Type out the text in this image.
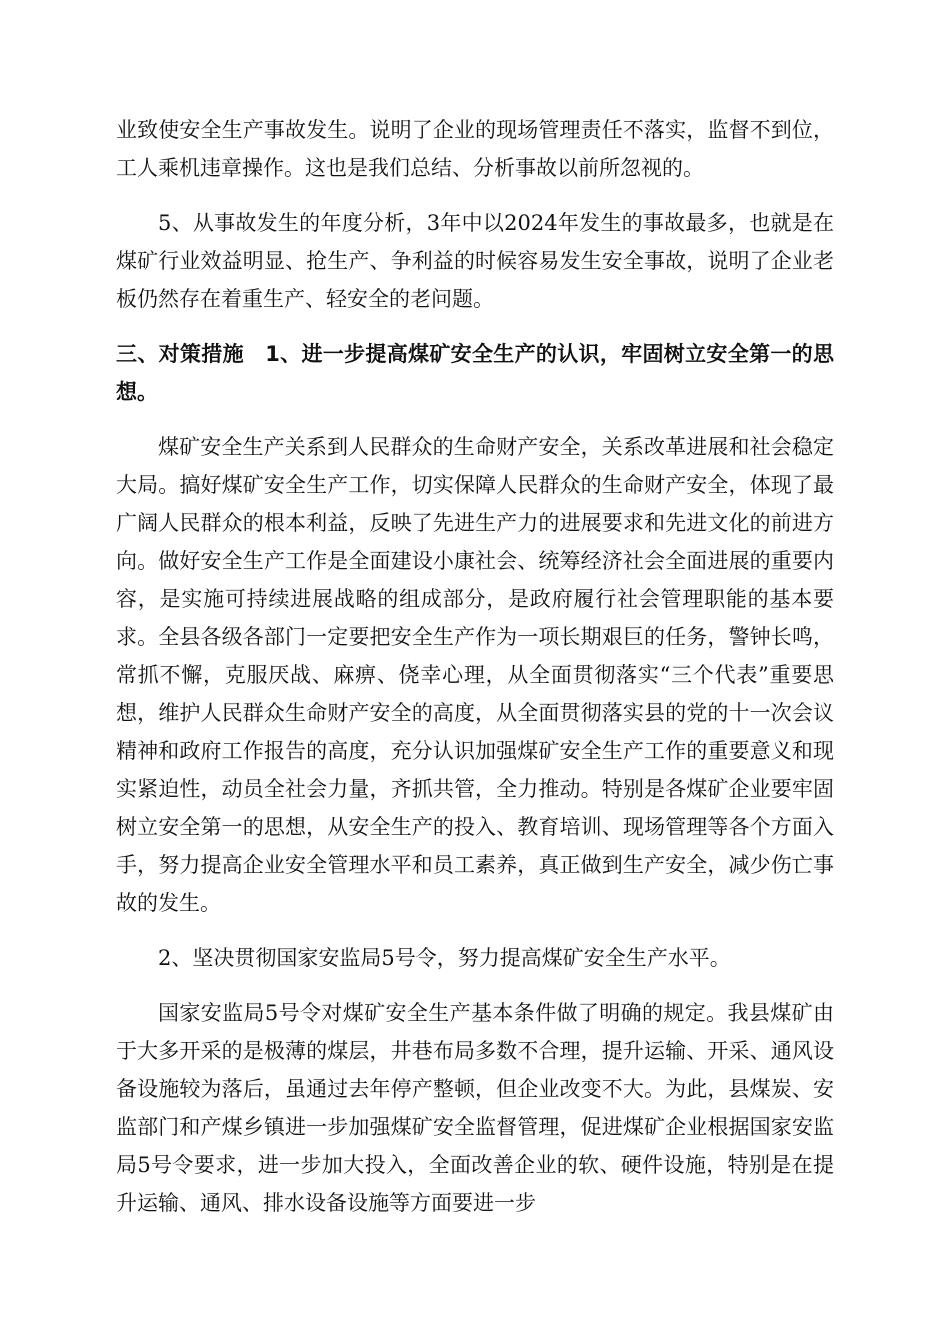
业致使安全生产事故发生。说明了企业的现场管理责任不落实，监督不到位，工人乘机违章操作。这也是我们总结、分析事故以前所忽视的。

5、从事故发生的年度分析，3年中以2024年发生的事故最多，也就是在煤矿行业效益明显、抢生产、争利益的时候容易发生安全事故，说明了企业老板仍然存在着重生产、轻安全的老问题。

三、对策措施　1、进一步提高煤矿安全生产的认识，牢固树立安全第一的思想。

煤矿安全生产关系到人民群众的生命财产安全，关系改革进展和社会稳定大局。搞好煤矿安全生产工作，切实保障人民群众的生命财产安全，体现了最广阔人民群众的根本利益，反映了先进生产力的进展要求和先进文化的前进方向。做好安全生产工作是全面建设小康社会、统筹经济社会全面进展的重要内容，是实施可持续进展战略的组成部分，是政府履行社会管理职能的基本要求。全县各级各部门一定要把安全生产作为一项长期艰巨的任务，警钟长鸣，常抓不懈，克服厌战、麻痹、侥幸心理，从全面贯彻落实“三个代表”重要思想，维护人民群众生命财产安全的高度，从全面贯彻落实县的党的十一次会议精神和政府工作报告的高度，充分认识加强煤矿安全生产工作的重要意义和现实紧迫性，动员全社会力量，齐抓共管，全力推动。特别是各煤矿企业要牢固树立安全第一的思想，从安全生产的投入、教育培训、现场管理等各个方面入手，努力提高企业安全管理水平和员工素养，真正做到生产安全，减少伤亡事故的发生。

2、坚决贯彻国家安监局5号令，努力提高煤矿安全生产水平。

国家安监局5号令对煤矿安全生产基本条件做了明确的规定。我县煤矿由于大多开采的是极薄的煤层，井巷布局多数不合理，提升运输、开采、通风设备设施较为落后，虽通过去年停产整顿，但企业改变不大。为此，县煤炭、安监部门和产煤乡镇进一步加强煤矿安全监督管理，促进煤矿企业根据国家安监局5号令要求，进一步加大投入，全面改善企业的软、硬件设施，特别是在提升运输、通风、排水设备设施等方面要进一步
